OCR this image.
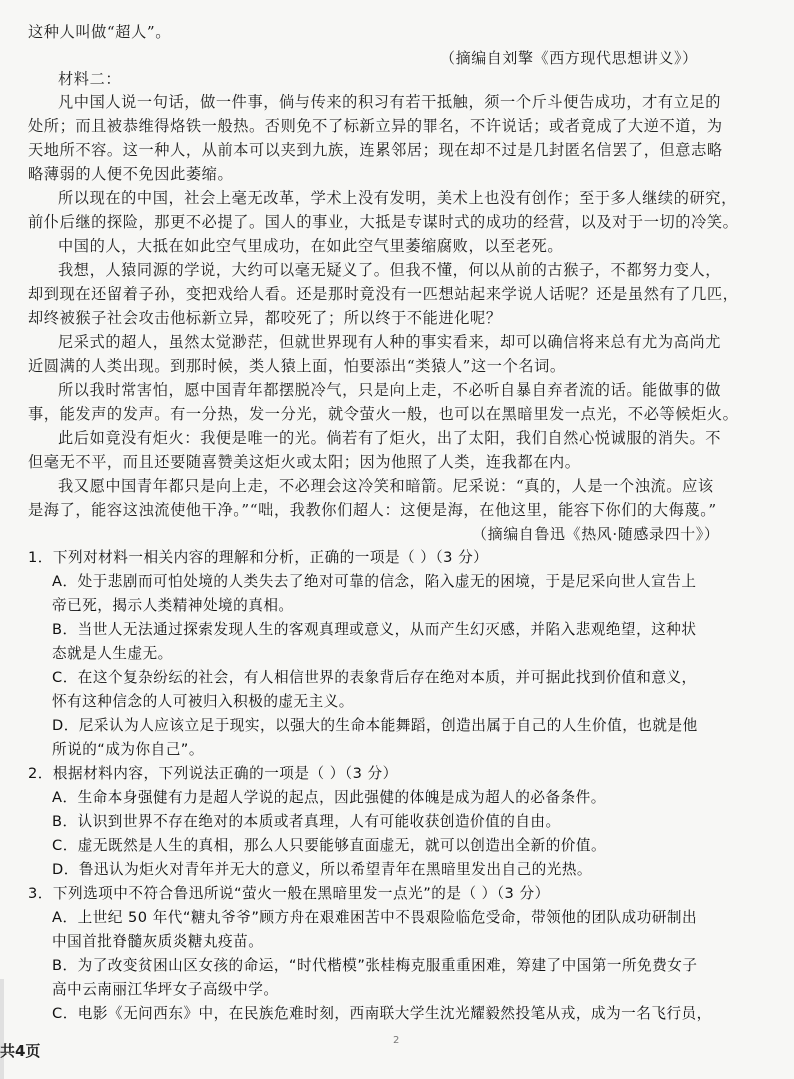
共4页
2
这种人叫做“超人”。
（摘编自刘擎《西方现代思想讲义》）
材料二：
凡中国人说一句话，做一件事，倘与传来的积习有若干抵触，须一个斤斗便告成功，才有立足的
处所；而且被恭维得烙铁一般热。否则免不了标新立异的罪名，不许说话；或者竟成了大逆不道，为
天地所不容。这一种人，从前本可以夹到九族，连累邻居；现在却不过是几封匿名信罢了，但意志略
略薄弱的人便不免因此萎缩。
所以现在的中国，社会上毫无改革，学术上没有发明，美术上也没有创作；至于多人继续的研究，
前仆后继的探险，那更不必提了。国人的事业，大抵是专谋时式的成功的经营，以及对于一切的冷笑。
中国的人，大抵在如此空气里成功，在如此空气里萎缩腐败，以至老死。
我想，人猿同源的学说，大约可以毫无疑义了。但我不懂，何以从前的古猴子，不都努力变人，
却到现在还留着子孙，变把戏给人看。还是那时竟没有一匹想站起来学说人话呢？还是虽然有了几匹，
却终被猴子社会攻击他标新立异，都咬死了；所以终于不能进化呢？
尼采式的超人，虽然太觉渺茫，但就世界现有人种的事实看来，却可以确信将来总有尤为高尚尤
近圆满的人类出现。到那时候，类人猿上面，怕要添出“类猿人”这一个名词。
所以我时常害怕，愿中国青年都摆脱冷气，只是向上走，不必听自暴自弃者流的话。能做事的做
事，能发声的发声。有一分热，发一分光，就令萤火一般，也可以在黑暗里发一点光，不必等候炬火。
此后如竟没有炬火：我便是唯一的光。倘若有了炬火，出了太阳，我们自然心悦诚服的消失。不
但毫无不平，而且还要随喜赞美这炬火或太阳；因为他照了人类，连我都在内。
我又愿中国青年都只是向上走，不必理会这冷笑和暗箭。尼采说：“真的，人是一个浊流。应该
是海了，能容这浊流使他干净。”“咄，我教你们超人：这便是海，在他这里，能容下你们的大侮蔑。”
（摘编自鲁迅《热风·随感录四十》）
1．下列对材料一相关内容的理解和分析，正确的一项是（ ）（3 分）
A．处于悲剧而可怕处境的人类失去了绝对可靠的信念，陷入虚无的困境，于是尼采向世人宣告上
帝已死，揭示人类精神处境的真相。
B．当世人无法通过探索发现人生的客观真理或意义，从而产生幻灭感，并陷入悲观绝望，这种状
态就是人生虚无。
C．在这个复杂纷纭的社会，有人相信世界的表象背后存在绝对本质，并可据此找到价值和意义，
怀有这种信念的人可被归入积极的虚无主义。
D．尼采认为人应该立足于现实，以强大的生命本能舞蹈，创造出属于自己的人生价值，也就是他
所说的“成为你自己”。
2．根据材料内容，下列说法正确的一项是（ ）（3 分）
A．生命本身强健有力是超人学说的起点，因此强健的体魄是成为超人的必备条件。
B．认识到世界不存在绝对的本质或者真理，人有可能收获创造价值的自由。
C．虚无既然是人生的真相，那么人只要能够直面虚无，就可以创造出全新的价值。
D．鲁迅认为炬火对青年并无大的意义，所以希望青年在黑暗里发出自己的光热。
3．下列选项中不符合鲁迅所说“萤火一般在黑暗里发一点光”的是（ ）（3 分）
A．上世纪 50 年代“糖丸爷爷”顾方舟在艰难困苦中不畏艰险临危受命，带领他的团队成功研制出
中国首批脊髓灰质炎糖丸疫苗。
B．为了改变贫困山区女孩的命运，“时代楷模”张桂梅克服重重困难，筹建了中国第一所免费女子
高中云南丽江华坪女子高级中学。
C．电影《无问西东》中，在民族危难时刻，西南联大学生沈光耀毅然投笔从戎，成为一名飞行员，
